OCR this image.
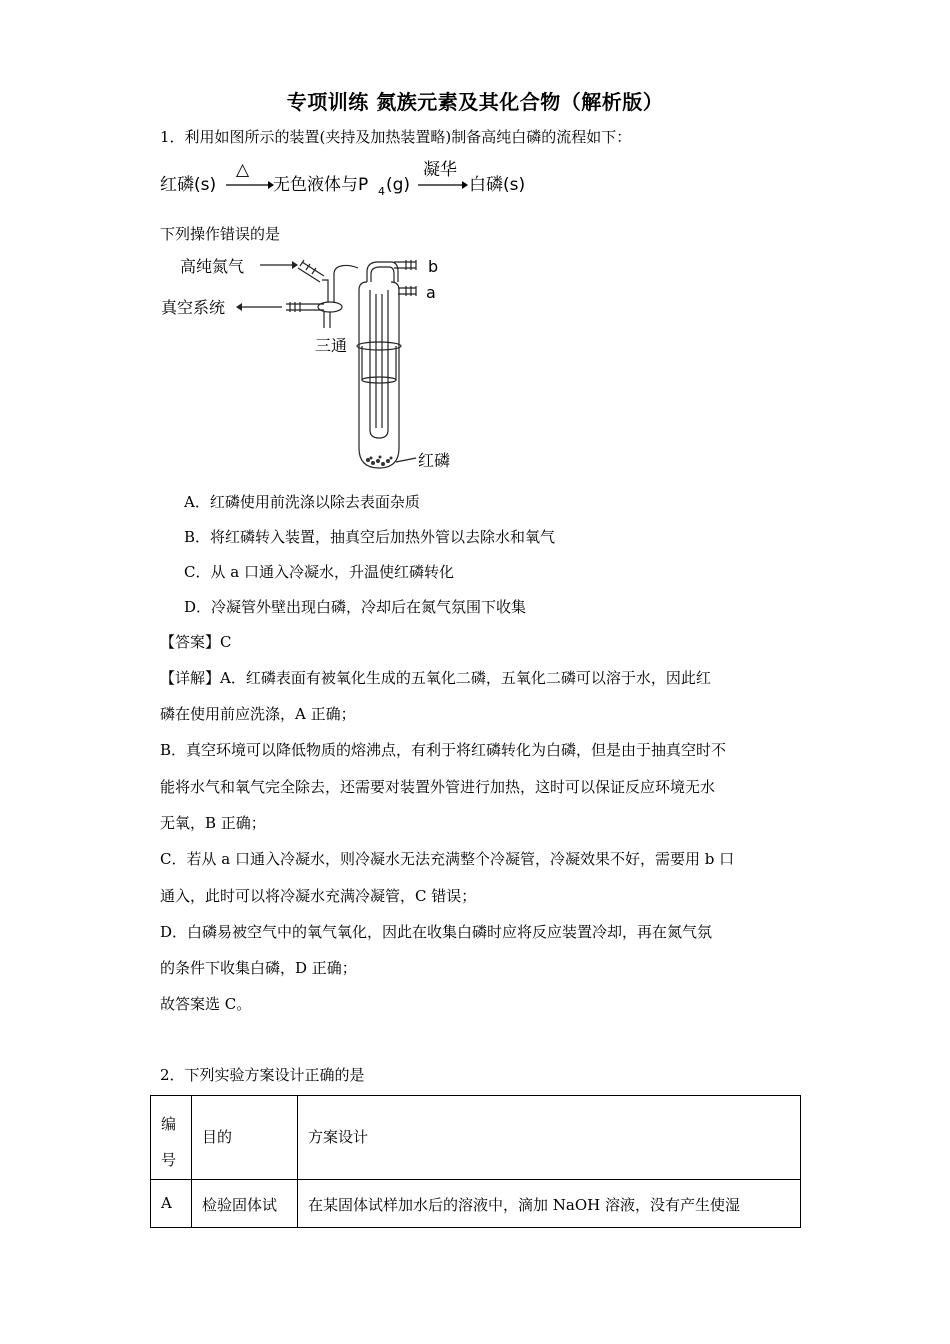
专项训练 氮族元素及其化合物（解析版）
1．利用如图所示的装置(夹持及加热装置略)制备高纯白磷的流程如下：
红磷(s)
△
无色液体与P 4 (g)
凝华
白磷(s)
下列操作错误的是
高纯氮气
真空系统
三通
b
a
红磷
A．红磷使用前洗涤以除去表面杂质
B．将红磷转入装置，抽真空后加热外管以去除水和氧气
C．从 a 口通入冷凝水，升温使红磷转化
D．冷凝管外壁出现白磷，冷却后在氮气氛围下收集
【答案】C
【详解】A．红磷表面有被氧化生成的五氧化二磷，五氧化二磷可以溶于水，因此红
磷在使用前应洗涤，A 正确；
B．真空环境可以降低物质的熔沸点，有利于将红磷转化为白磷，但是由于抽真空时不
能将水气和氧气完全除去，还需要对装置外管进行加热，这时可以保证反应环境无水
无氧，B 正确；
C．若从 a 口通入冷凝水，则冷凝水无法充满整个冷凝管，冷凝效果不好，需要用 b 口
通入，此时可以将冷凝水充满冷凝管，C 错误；
D．白磷易被空气中的氧气氧化，因此在收集白磷时应将反应装置冷却，再在氮气氛
的条件下收集白磷，D 正确；
故答案选 C。
2．下列实验方案设计正确的是
编
号	目的	方案设计
A	检验固体试	在某固体试样加水后的溶液中，滴加 NaOH 溶液，没有产生使湿
